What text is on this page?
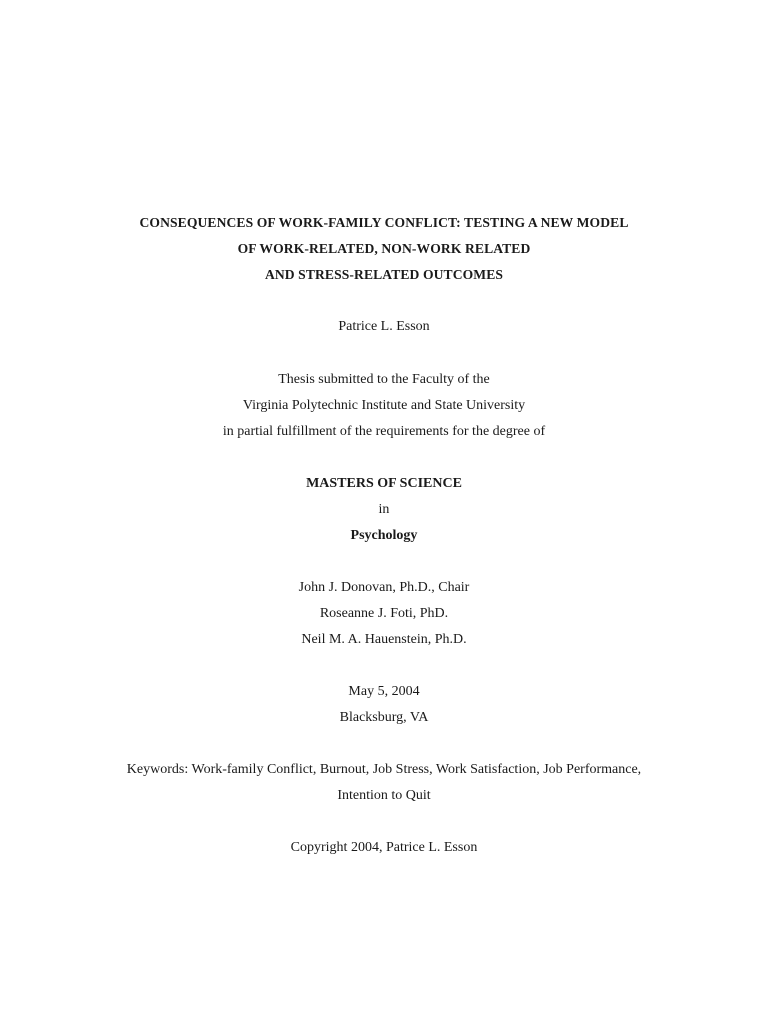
CONSEQUENCES OF WORK-FAMILY CONFLICT: TESTING A NEW MODEL
OF WORK-RELATED, NON-WORK RELATED
AND STRESS-RELATED OUTCOMES
Patrice L. Esson
Thesis submitted to the Faculty of the
Virginia Polytechnic Institute and State University
in partial fulfillment of the requirements for the degree of
MASTERS OF SCIENCE
in
Psychology
John J. Donovan, Ph.D., Chair
Roseanne J. Foti, PhD.
Neil M. A. Hauenstein, Ph.D.
May 5, 2004
Blacksburg, VA
Keywords: Work-family Conflict, Burnout, Job Stress, Work Satisfaction, Job Performance,
Intention to Quit
Copyright 2004, Patrice L. Esson
